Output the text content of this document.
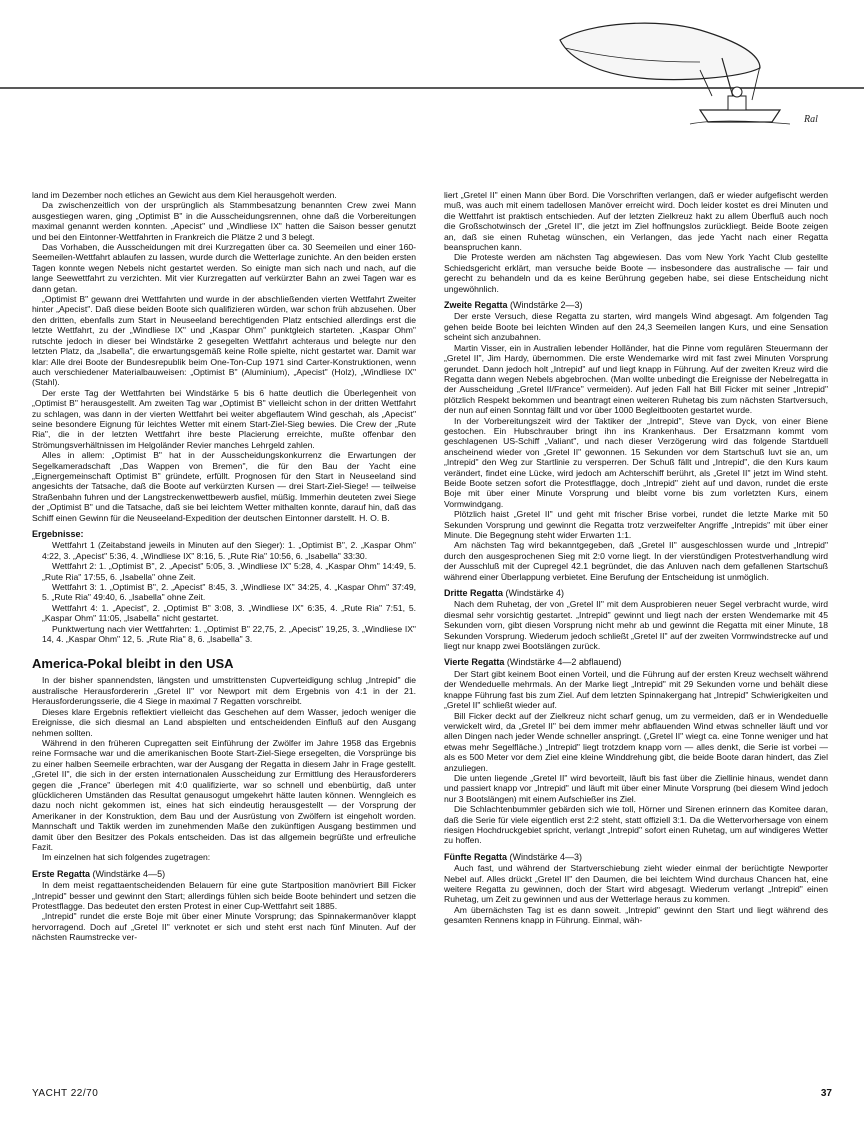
Ral

land im Dezember noch etliches an Gewicht aus dem Kiel herausgeholt werden.

Da zwischenzeitlich von der ursprünglich als Stammbesatzung benannten Crew zwei Mann ausgestiegen waren, ging „Optimist B" in die Ausscheidungsrennen, ohne daß die Vorbereitungen maximal genannt werden konnten. „Apecist" und „Windliese IX" hatten die Saison besser genutzt und bei den Eintonner-Wettfahrten in Frankreich die Plätze 2 und 3 belegt.

Das Vorhaben, die Ausscheidungen mit drei Kurzregatten über ca. 30 Seemeilen und einer 160-Seemeilen-Wettfahrt ablaufen zu lassen, wurde durch die Wetterlage zunichte. An den beiden ersten Tagen konnte wegen Nebels nicht gestartet werden. So einigte man sich nach und nach, auf die lange Seewettfahrt zu verzichten. Mit vier Kurzregatten auf verkürzter Bahn an zwei Tagen war es dann getan.

„Optimist B" gewann drei Wettfahrten und wurde in der abschließenden vierten Wettfahrt Zweiter hinter „Apecist". Daß diese beiden Boote sich qualifizieren würden, war schon früh abzusehen. Über den dritten, ebenfalls zum Start in Neuseeland berechtigenden Platz entschied allerdings erst die letzte Wettfahrt, zu der „Windliese IX" und „Kaspar Ohm" punktgleich starteten. „Kaspar Ohm" rutschte jedoch in dieser bei Windstärke 2 gesegelten Wettfahrt achteraus und belegte nur den letzten Platz, da „Isabella", die erwartungsgemäß keine Rolle spielte, nicht gestartet war. Damit war klar: Alle drei Boote der Bundesrepublik beim One-Ton-Cup 1971 sind Carter-Konstruktionen, wenn auch verschiedener Materialbauweisen: „Optimist B" (Aluminium), „Apecist" (Holz), „Windliese IX" (Stahl).

Der erste Tag der Wettfahrten bei Windstärke 5 bis 6 hatte deutlich die Überlegenheit von „Optimist B" herausgestellt. Am zweiten Tag war „Optimist B" vielleicht schon in der dritten Wettfahrt zu schlagen, was dann in der vierten Wettfahrt bei weiter abgeflautem Wind geschah, als „Apecist" seine besondere Eignung für leichtes Wetter mit einem Start-Ziel-Sieg bewies. Die Crew der „Rute Ria", die in der letzten Wettfahrt ihre beste Placierung erreichte, mußte offenbar den Strömungsverhältnissen im Helgoländer Revier manches Lehrgeld zahlen.

Alles in allem: „Optimist B" hat in der Ausscheidungskonkurrenz die Erwartungen der Segelkameradschaft „Das Wappen von Bremen", die für den Bau der Yacht eine „Eignergemeinschaft Optimist B" gründete, erfüllt. Prognosen für den Start in Neuseeland sind angesichts der Tatsache, daß die Boote auf verkürzten Kursen — drei Start-Ziel-Siege! — teilweise Straßenbahn fuhren und der Langstreckenwettbewerb ausfiel, müßig. Immerhin deuteten zwei Siege der „Optimist B" und die Tatsache, daß sie bei leichtem Wetter mithalten konnte, darauf hin, daß das Schiff einen Gewinn für die Neuseeland-Expedition der deutschen Eintonner darstellt. H. O. B.

Ergebnisse:

Wettfahrt 1 (Zeitabstand jeweils in Minuten auf den Sieger): 1. „Optimist B", 2. „Kaspar Ohm" 4:22, 3. „Apecist" 5:36, 4. „Windliese IX" 8:16, 5. „Rute Ria" 10:56, 6. „Isabella" 33:30.

Wettfahrt 2: 1. „Optimist B", 2. „Apecist" 5:05, 3. „Windliese IX" 5:28, 4. „Kaspar Ohm" 14:49, 5. „Rute Ria" 17:55, 6. „Isabella" ohne Zeit.

Wettfahrt 3: 1. „Optimist B", 2. „Apecist" 8:45, 3. „Windliese IX" 34:25, 4. „Kaspar Ohm" 37:49, 5. „Rute Ria" 49:40, 6. „Isabella" ohne Zeit.

Wettfahrt 4: 1. „Apecist", 2. „Optimist B" 3:08, 3. „Windliese IX" 6:35, 4. „Rute Ria" 7:51, 5. „Kaspar Ohm" 11:05, „Isabella" nicht gestartet.

Punktwertung nach vier Wettfahrten: 1. „Optimist B" 22,75, 2. „Apecist" 19,25, 3. „Windliese IX" 14, 4. „Kaspar Ohm" 12, 5. „Rute Ria" 8, 6. „Isabella" 3.

America-Pokal bleibt in den USA

In der bisher spannendsten, längsten und umstrittensten Cupverteidigung schlug „Intrepid" die australische Herausfordererin „Gretel II" vor Newport mit dem Ergebnis von 4:1 in der 21. Herausforderungsserie, die 4 Siege in maximal 7 Regatten vorschreibt.

Dieses klare Ergebnis reflektiert vielleicht das Geschehen auf dem Wasser, jedoch weniger die Ereignisse, die sich diesmal an Land abspielten und entscheidenden Einfluß auf den Ausgang nehmen sollten.

Während in den früheren Cupregatten seit Einführung der Zwölfer im Jahre 1958 das Ergebnis reine Formsache war und die amerikanischen Boote Start-Ziel-Siege ersegelten, die Vorsprünge bis zu einer halben Seemeile erbrachten, war der Ausgang der Regatta in diesem Jahr in Frage gestellt. „Gretel II", die sich in der ersten internationalen Ausscheidung zur Ermittlung des Herausforderers gegen die „France" überlegen mit 4:0 qualifizierte, war so schnell und ebenbürtig, daß unter glücklicheren Umständen das Resultat genausogut umgekehrt hätte lauten können. Wenngleich es dazu noch nicht gekommen ist, eines hat sich eindeutig herausgestellt — der Vorsprung der Amerikaner in der Konstruktion, dem Bau und der Ausrüstung von Zwölfern ist eingeholt worden. Mannschaft und Taktik werden im zunehmenden Maße den zukünftigen Ausgang bestimmen und damit über den Besitzer des Pokals entscheiden. Das ist das allgemein begrüßte und erfreuliche Fazit.

Im einzelnen hat sich folgendes zugetragen:

Erste Regatta (Windstärke 4—5)

In dem meist regattaentscheidenden Belauern für eine gute Startposition manövriert Bill Ficker „Intrepid" besser und gewinnt den Start; allerdings fühlen sich beide Boote behindert und setzen die Protestflagge. Das bedeutet den ersten Protest in einer Cup-Wettfahrt seit 1885.

„Intrepid" rundet die erste Boje mit über einer Minute Vorsprung; das Spinnakermanöver klappt hervorragend. Doch auf „Gretel II" verknotet er sich und steht erst nach fünf Minuten. Auf der nächsten Raumstrecke ver-

liert „Gretel II" einen Mann über Bord. Die Vorschriften verlangen, daß er wieder aufgefischt werden muß, was auch mit einem tadellosen Manöver erreicht wird. Doch leider kostet es drei Minuten und die Wettfahrt ist praktisch entschieden. Auf der letzten Zielkreuz hakt zu allem Überfluß auch noch die Großschotwinsch der „Gretel II", die jetzt im Ziel hoffnungslos zurückliegt. Beide Boote zeigen an, daß sie einen Ruhetag wünschen, ein Verlangen, das jede Yacht nach einer Regatta beanspruchen kann.

Die Proteste werden am nächsten Tag abgewiesen. Das vom New York Yacht Club gestellte Schiedsgericht erklärt, man versuche beide Boote — insbesondere das australische — fair und gerecht zu behandeln und da es keine Berührung gegeben habe, sei diese Entscheidung nicht ungewöhnlich.

Zweite Regatta (Windstärke 2—3)

Der erste Versuch, diese Regatta zu starten, wird mangels Wind abgesagt. Am folgenden Tag gehen beide Boote bei leichten Winden auf den 24,3 Seemeilen langen Kurs, und eine Sensation scheint sich anzubahnen.

Martin Visser, ein in Australien lebender Holländer, hat die Pinne vom regulären Steuermann der „Gretel II", Jim Hardy, übernommen. Die erste Wendemarke wird mit fast zwei Minuten Vorsprung gerundet. Dann jedoch holt „Intrepid" auf und liegt knapp in Führung. Auf der zweiten Kreuz wird die Regatta dann wegen Nebels abgebrochen. (Man wollte unbedingt die Ereignisse der Nebelregatta in der Ausscheidung „Gretel II/France" vermeiden). Auf jeden Fall hat Bill Ficker mit seiner „Intrepid" plötzlich Respekt bekommen und beantragt einen weiteren Ruhetag bis zum nächsten Startversuch, der nun auf einen Sonntag fällt und vor über 1000 Begleitbooten gestartet wurde.

In der Vorbereitungszeit wird der Taktiker der „Intrepid", Steve van Dyck, von einer Biene gestochen. Ein Hubschrauber bringt ihn ins Krankenhaus. Der Ersatzmann kommt vom geschlagenen US-Schiff „Valiant", und nach dieser Verzögerung wird das folgende Startduell anscheinend wieder von „Gretel II" gewonnen. 15 Sekunden vor dem Startschuß luvt sie an, um „Intrepid" den Weg zur Startlinie zu versperren. Der Schuß fällt und „Intrepid", die den Kurs kaum verändert, findet eine Lücke, wird jedoch am Achterschiff berührt, als „Gretel II" jetzt im Wind steht. Beide Boote setzen sofort die Protestflagge, doch „Intrepid" zieht auf und davon, rundet die erste Boje mit über einer Minute Vorsprung und bleibt vorne bis zum vorletzten Kurs, einem Vormwindgang.

Plötzlich haist „Gretel II" und geht mit frischer Brise vorbei, rundet die letzte Marke mit 50 Sekunden Vorsprung und gewinnt die Regatta trotz verzweifelter Angriffe „Intrepids" mit über einer Minute. Die Begegnung steht wider Erwarten 1:1.

Am nächsten Tag wird bekanntgegeben, daß „Gretel II" ausgeschlossen wurde und „Intrepid" durch den ausgesprochenen Sieg mit 2:0 vorne liegt. In der vierstündigen Protestverhandlung wird der Ausschluß mit der Cupregel 42.1 begründet, die das Anluven nach dem gefallenen Startschuß während einer Überlappung verbietet. Eine Berufung der Entscheidung ist unmöglich.

Dritte Regatta (Windstärke 4)

Nach dem Ruhetag, der von „Gretel II" mit dem Ausprobieren neuer Segel verbracht wurde, wird diesmal sehr vorsichtig gestartet. „Intrepid" gewinnt und liegt nach der ersten Wendemarke mit 45 Sekunden vorn, gibt diesen Vorsprung nicht mehr ab und gewinnt die Regatta mit einer Minute, 18 Sekunden Vorsprung. Wiederum jedoch schließt „Gretel II" auf der zweiten Vormwindstrecke auf und liegt nur knapp zwei Bootslängen zurück.

Vierte Regatta (Windstärke 4—2 abflauend)

Der Start gibt keinem Boot einen Vorteil, und die Führung auf der ersten Kreuz wechselt während der Wendeduelle mehrmals. An der Marke liegt „Intrepid" mit 29 Sekunden vorne und behält diese knappe Führung fast bis zum Ziel. Auf dem letzten Spinnakergang hat „Intrepid" Schwierigkeiten und „Gretel II" schließt wieder auf.

Bill Ficker deckt auf der Zielkreuz nicht scharf genug, um zu vermeiden, daß er in Wendeduelle verwickelt wird, da „Gretel II" bei dem immer mehr abflauenden Wind etwas schneller läuft und vor allen Dingen nach jeder Wende schneller anspringt. („Gretel II" wiegt ca. eine Tonne weniger und hat etwas mehr Segelfläche.) „Intrepid" liegt trotzdem knapp vorn — alles denkt, die Serie ist vorbei — als es 500 Meter vor dem Ziel eine kleine Winddrehung gibt, die beide Boote daran hindert, das Ziel anzuliegen.

Die unten liegende „Gretel II" wird bevorteilt, läuft bis fast über die Ziellinie hinaus, wendet dann und passiert knapp vor „Intrepid" und läuft mit über einer Minute Vorsprung (bei diesem Wind jedoch nur 3 Bootslängen) mit einem Aufschießer ins Ziel.

Die Schlachtenbummler gebärden sich wie toll, Hörner und Sirenen erinnern das Komitee daran, daß die Serie für viele eigentlich erst 2:2 steht, statt offiziell 3:1. Da die Wettervorhersage von einem riesigen Hochdruckgebiet spricht, verlangt „Intrepid" sofort einen Ruhetag, um auf windigeres Wetter zu hoffen.

Fünfte Regatta (Windstärke 4—3)

Auch fast, und während der Startverschiebung zieht wieder einmal der berüchtigte Newporter Nebel auf. Alles drückt „Gretel II" den Daumen, die bei leichtem Wind durchaus Chancen hat, eine weitere Regatta zu gewinnen, doch der Start wird abgesagt. Wiederum verlangt „Intrepid" einen Ruhetag, um Zeit zu gewinnen und aus der Wetterlage heraus zu kommen.

Am übernächsten Tag ist es dann soweit. „Intrepid" gewinnt den Start und liegt während des gesamten Rennens knapp in Führung. Einmal, wäh-

YACHT 22/70	37
